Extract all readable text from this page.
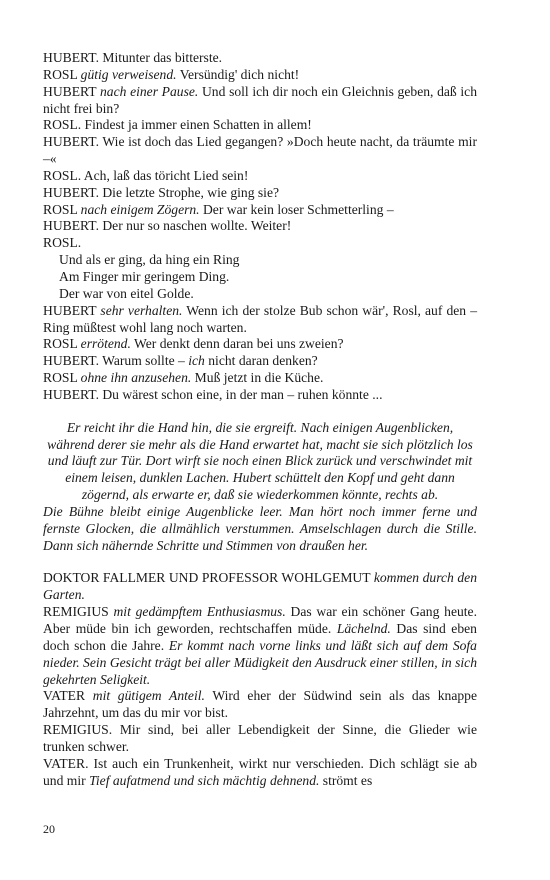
HUBERT. Mitunter das bitterste.

ROSL gütig verweisend. Versündig' dich nicht!

HUBERT nach einer Pause. Und soll ich dir noch ein Gleichnis geben, daß ich nicht frei bin?

ROSL. Findest ja immer einen Schatten in allem!

HUBERT. Wie ist doch das Lied gegangen? »Doch heute nacht, da träumte mir –«

ROSL. Ach, laß das töricht Lied sein!

HUBERT. Die letzte Strophe, wie ging sie?

ROSL nach einigem Zögern. Der war kein loser Schmetterling –

HUBERT. Der nur so naschen wollte. Weiter!

ROSL.

Und als er ging, da hing ein Ring

Am Finger mir geringem Ding.

Der war von eitel Golde.

HUBERT sehr verhalten. Wenn ich der stolze Bub schon wär', Rosl, auf den – Ring müßtest wohl lang noch warten.

ROSL errötend. Wer denkt denn daran bei uns zweien?

HUBERT. Warum sollte – ich nicht daran denken?

ROSL ohne ihn anzusehen. Muß jetzt in die Küche.

HUBERT. Du wärest schon eine, in der man – ruhen könnte ...

Er reicht ihr die Hand hin, die sie ergreift. Nach einigen Augenblicken, während derer sie mehr als die Hand erwartet hat, macht sie sich plötzlich los und läuft zur Tür. Dort wirft sie noch einen Blick zurück und verschwindet mit einem leisen, dunklen Lachen. Hubert schüttelt den Kopf und geht dann zögernd, als erwarte er, daß sie wiederkommen könnte, rechts ab.

Die Bühne bleibt einige Augenblicke leer. Man hört noch immer ferne und fernste Glocken, die allmählich verstummen. Amselschlagen durch die Stille. Dann sich nähernde Schritte und Stimmen von draußen her.

DOKTOR FALLMER UND PROFESSOR WOHLGEMUT kommen durch den Garten.

REMIGIUS mit gedämpftem Enthusiasmus. Das war ein schöner Gang heute. Aber müde bin ich geworden, rechtschaffen müde. Lächelnd. Das sind eben doch schon die Jahre. Er kommt nach vorne links und läßt sich auf dem Sofa nieder. Sein Gesicht trägt bei aller Müdigkeit den Ausdruck einer stillen, in sich gekehrten Seligkeit.

VATER mit gütigem Anteil. Wird eher der Südwind sein als das knappe Jahrzehnt, um das du mir vor bist.

REMIGIUS. Mir sind, bei aller Lebendigkeit der Sinne, die Glieder wie trunken schwer.

VATER. Ist auch ein Trunkenheit, wirkt nur verschieden. Dich schlägt sie ab und mir Tief aufatmend und sich mächtig dehnend. strömt es

20
